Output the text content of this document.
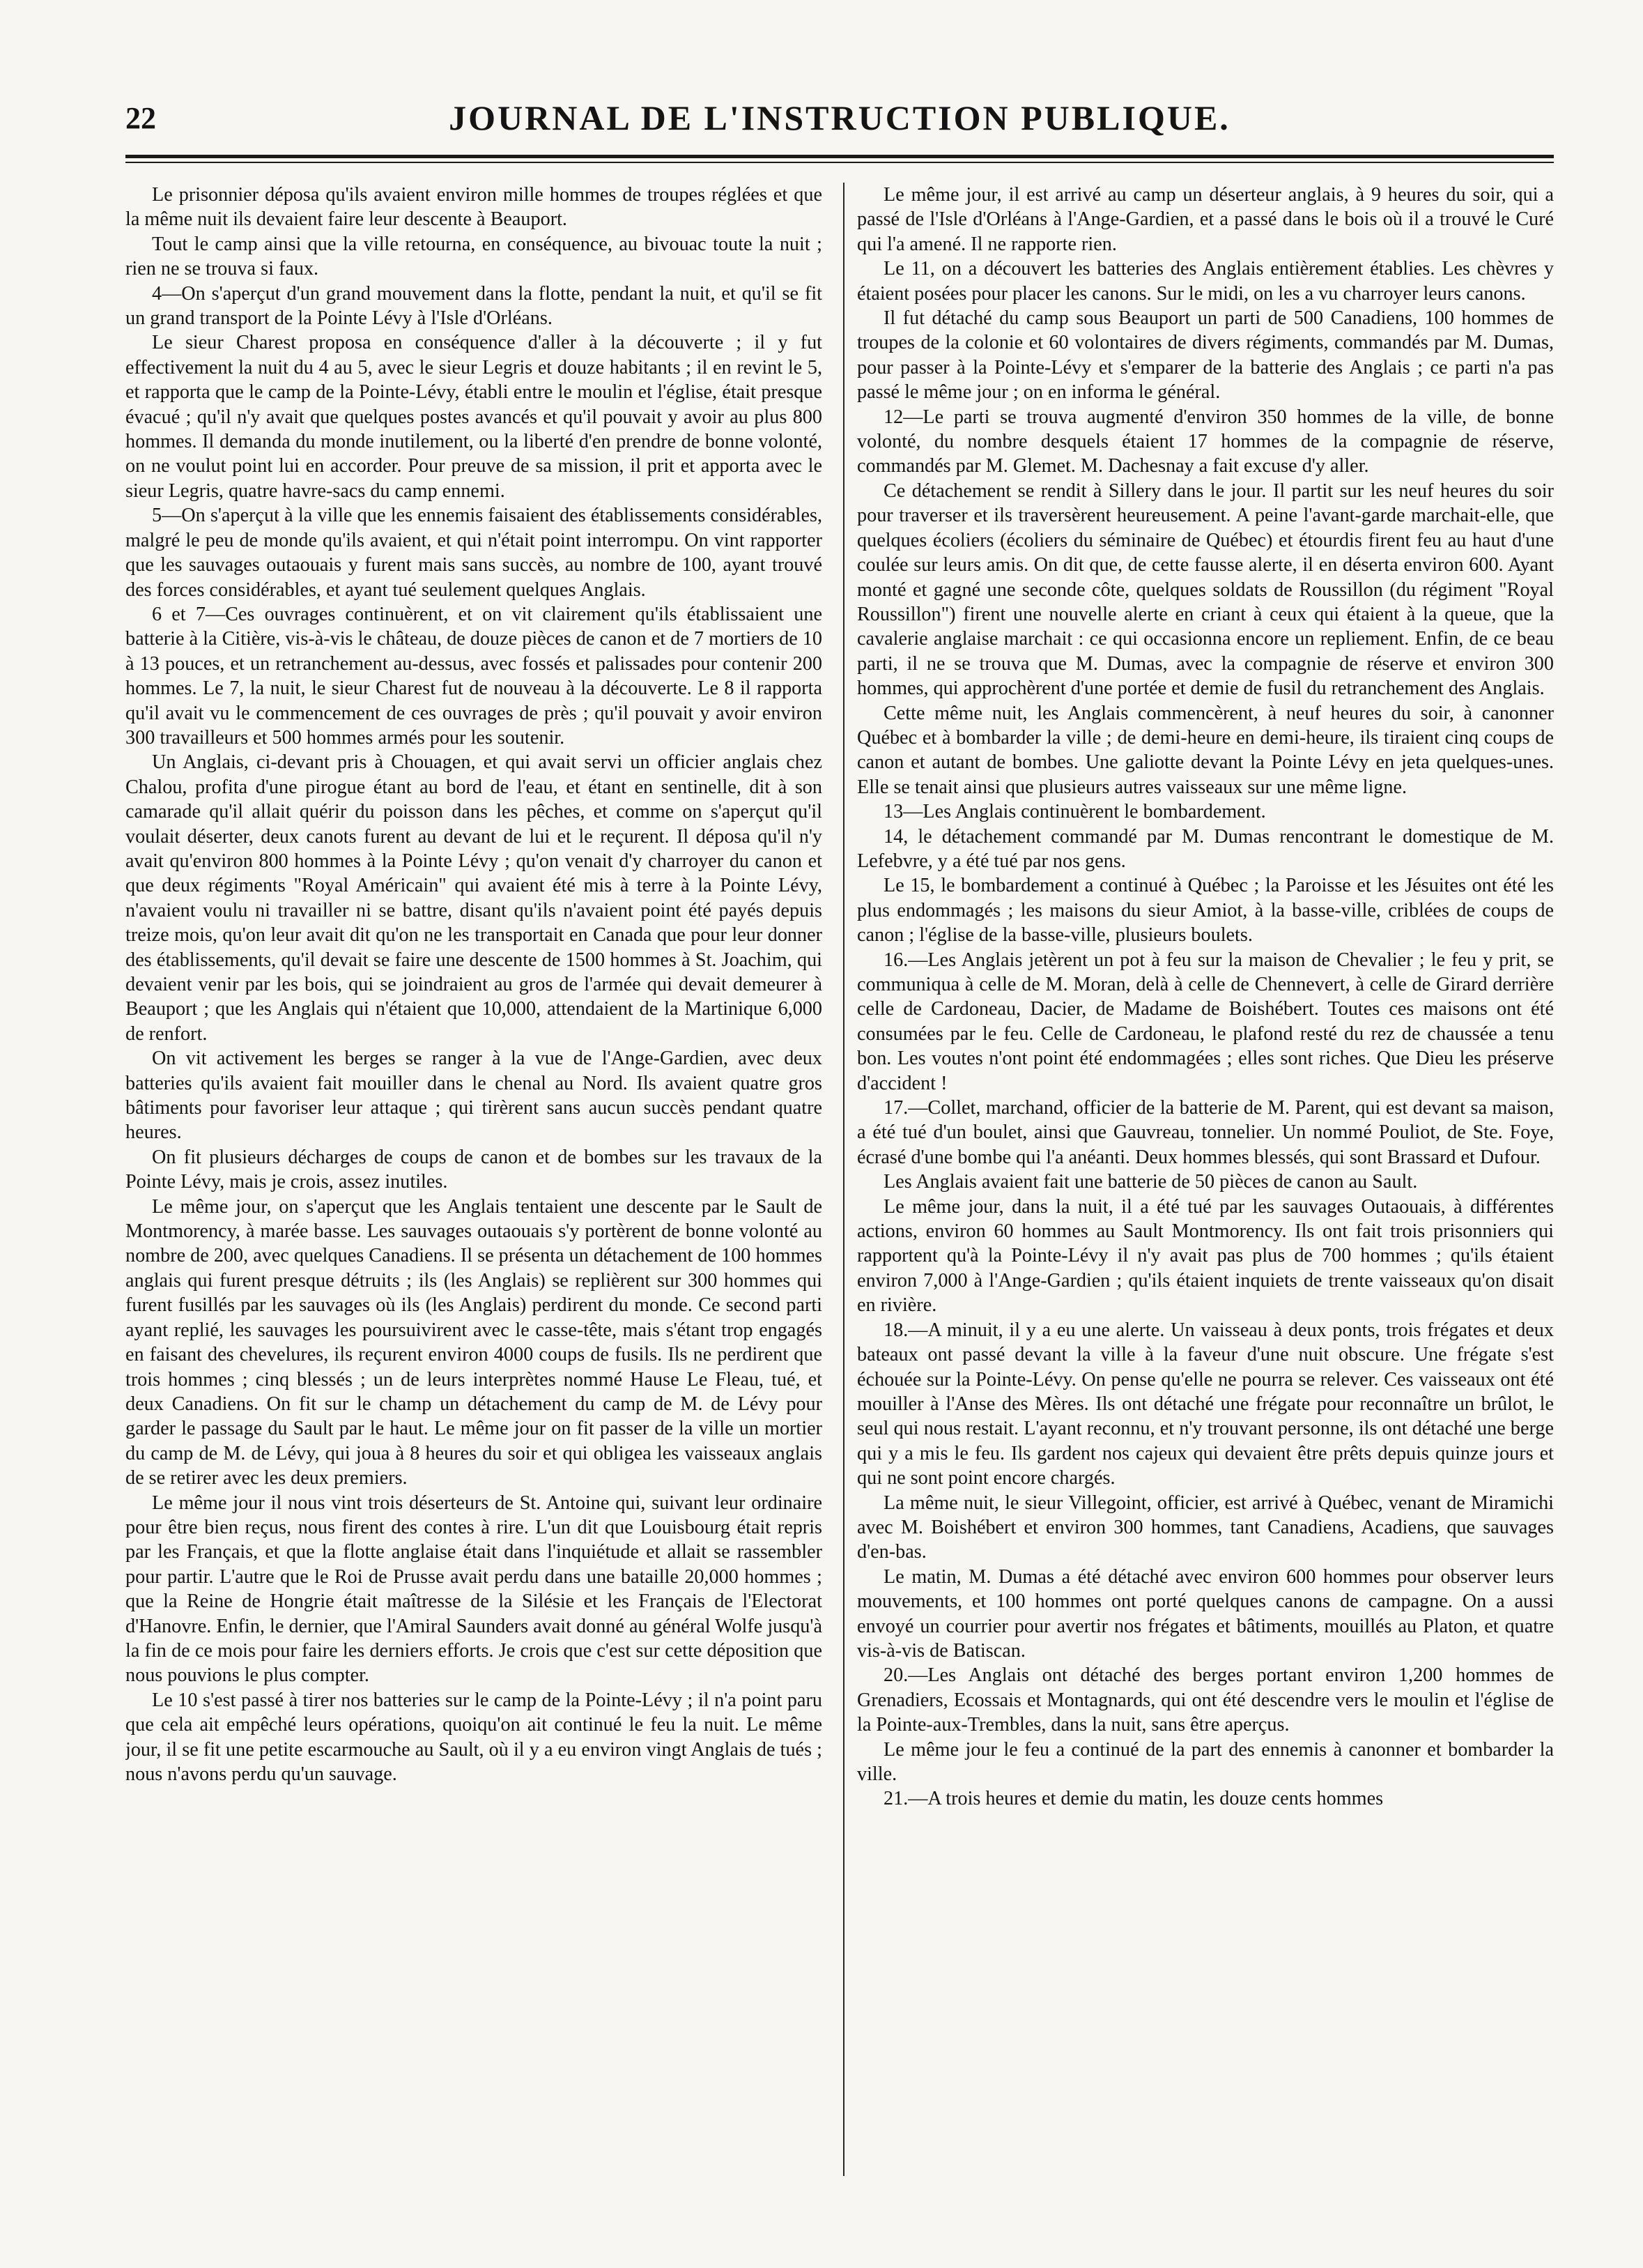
22	JOURNAL DE L'INSTRUCTION PUBLIQUE.

Le prisonnier déposa qu'ils avaient environ mille hommes de troupes réglées et que la même nuit ils devaient faire leur descente à Beauport.

Tout le camp ainsi que la ville retourna, en conséquence, au bivouac toute la nuit ; rien ne se trouva si faux.

4—On s'aperçut d'un grand mouvement dans la flotte, pendant la nuit, et qu'il se fit un grand transport de la Pointe Lévy à l'Isle d'Orléans.

Le sieur Charest proposa en conséquence d'aller à la découverte ; il y fut effectivement la nuit du 4 au 5, avec le sieur Legris et douze habitants ; il en revint le 5, et rapporta que le camp de la Pointe-Lévy, établi entre le moulin et l'église, était presque évacué ; qu'il n'y avait que quelques postes avancés et qu'il pouvait y avoir au plus 800 hommes. Il demanda du monde inutilement, ou la liberté d'en prendre de bonne volonté, on ne voulut point lui en accorder. Pour preuve de sa mission, il prit et apporta avec le sieur Legris, quatre havre-sacs du camp ennemi.

5—On s'aperçut à la ville que les ennemis faisaient des établissements considérables, malgré le peu de monde qu'ils avaient, et qui n'était point interrompu. On vint rapporter que les sauvages outaouais y furent mais sans succès, au nombre de 100, ayant trouvé des forces considérables, et ayant tué seulement quelques Anglais.

6 et 7—Ces ouvrages continuèrent, et on vit clairement qu'ils établissaient une batterie à la Citière, vis-à-vis le château, de douze pièces de canon et de 7 mortiers de 10 à 13 pouces, et un retranchement au-dessus, avec fossés et palissades pour contenir 200 hommes. Le 7, la nuit, le sieur Charest fut de nouveau à la découverte. Le 8 il rapporta qu'il avait vu le commencement de ces ouvrages de près ; qu'il pouvait y avoir environ 300 travailleurs et 500 hommes armés pour les soutenir.

Un Anglais, ci-devant pris à Chouagen, et qui avait servi un officier anglais chez Chalou, profita d'une pirogue étant au bord de l'eau, et étant en sentinelle, dit à son camarade qu'il allait quérir du poisson dans les pêches, et comme on s'aperçut qu'il voulait déserter, deux canots furent au devant de lui et le reçurent. Il déposa qu'il n'y avait qu'environ 800 hommes à la Pointe Lévy ; qu'on venait d'y charroyer du canon et que deux régiments "Royal Américain" qui avaient été mis à terre à la Pointe Lévy, n'avaient voulu ni travailler ni se battre, disant qu'ils n'avaient point été payés depuis treize mois, qu'on leur avait dit qu'on ne les transportait en Canada que pour leur donner des établissements, qu'il devait se faire une descente de 1500 hommes à St. Joachim, qui devaient venir par les bois, qui se joindraient au gros de l'armée qui devait demeurer à Beauport ; que les Anglais qui n'étaient que 10,000, attendaient de la Martinique 6,000 de renfort.

On vit activement les berges se ranger à la vue de l'Ange-Gardien, avec deux batteries qu'ils avaient fait mouiller dans le chenal au Nord. Ils avaient quatre gros bâtiments pour favoriser leur attaque ; qui tirèrent sans aucun succès pendant quatre heures.

On fit plusieurs décharges de coups de canon et de bombes sur les travaux de la Pointe Lévy, mais je crois, assez inutiles.

Le même jour, on s'aperçut que les Anglais tentaient une descente par le Sault de Montmorency, à marée basse. Les sauvages outaouais s'y portèrent de bonne volonté au nombre de 200, avec quelques Canadiens. Il se présenta un détachement de 100 hommes anglais qui furent presque détruits ; ils (les Anglais) se replièrent sur 300 hommes qui furent fusillés par les sauvages où ils (les Anglais) perdirent du monde. Ce second parti ayant replié, les sauvages les poursuivirent avec le casse-tête, mais s'étant trop engagés en faisant des chevelures, ils reçurent environ 4000 coups de fusils. Ils ne perdirent que trois hommes ; cinq blessés ; un de leurs interprètes nommé Hause Le Fleau, tué, et deux Canadiens. On fit sur le champ un détachement du camp de M. de Lévy pour garder le passage du Sault par le haut. Le même jour on fit passer de la ville un mortier du camp de M. de Lévy, qui joua à 8 heures du soir et qui obligea les vaisseaux anglais de se retirer avec les deux premiers.

Le même jour il nous vint trois déserteurs de St. Antoine qui, suivant leur ordinaire pour être bien reçus, nous firent des contes à rire. L'un dit que Louisbourg était repris par les Français, et que la flotte anglaise était dans l'inquiétude et allait se rassembler pour partir. L'autre que le Roi de Prusse avait perdu dans une bataille 20,000 hommes ; que la Reine de Hongrie était maîtresse de la Silésie et les Français de l'Electorat d'Hanovre. Enfin, le dernier, que l'Amiral Saunders avait donné au général Wolfe jusqu'à la fin de ce mois pour faire les derniers efforts. Je crois que c'est sur cette déposition que nous pouvions le plus compter.

Le 10 s'est passé à tirer nos batteries sur le camp de la Pointe-Lévy ; il n'a point paru que cela ait empêché leurs opérations, quoiqu'on ait continué le feu la nuit. Le même jour, il se fit une petite escarmouche au Sault, où il y a eu environ vingt Anglais de tués ; nous n'avons perdu qu'un sauvage.

Le même jour, il est arrivé au camp un déserteur anglais, à 9 heures du soir, qui a passé de l'Isle d'Orléans à l'Ange-Gardien, et a passé dans le bois où il a trouvé le Curé qui l'a amené. Il ne rapporte rien.

Le 11, on a découvert les batteries des Anglais entièrement établies. Les chèvres y étaient posées pour placer les canons. Sur le midi, on les a vu charroyer leurs canons.

Il fut détaché du camp sous Beauport un parti de 500 Canadiens, 100 hommes de troupes de la colonie et 60 volontaires de divers régiments, commandés par M. Dumas, pour passer à la Pointe-Lévy et s'emparer de la batterie des Anglais ; ce parti n'a pas passé le même jour ; on en informa le général.

12—Le parti se trouva augmenté d'environ 350 hommes de la ville, de bonne volonté, du nombre desquels étaient 17 hommes de la compagnie de réserve, commandés par M. Glemet. M. Dachesnay a fait excuse d'y aller.

Ce détachement se rendit à Sillery dans le jour. Il partit sur les neuf heures du soir pour traverser et ils traversèrent heureusement. A peine l'avant-garde marchait-elle, que quelques écoliers (écoliers du séminaire de Québec) et étourdis firent feu au haut d'une coulée sur leurs amis. On dit que, de cette fausse alerte, il en déserta environ 600. Ayant monté et gagné une seconde côte, quelques soldats de Roussillon (du régiment "Royal Roussillon") firent une nouvelle alerte en criant à ceux qui étaient à la queue, que la cavalerie anglaise marchait : ce qui occasionna encore un repliement. Enfin, de ce beau parti, il ne se trouva que M. Dumas, avec la compagnie de réserve et environ 300 hommes, qui approchèrent d'une portée et demie de fusil du retranchement des Anglais.

Cette même nuit, les Anglais commencèrent, à neuf heures du soir, à canonner Québec et à bombarder la ville ; de demi-heure en demi-heure, ils tiraient cinq coups de canon et autant de bombes. Une galiotte devant la Pointe Lévy en jeta quelques-unes. Elle se tenait ainsi que plusieurs autres vaisseaux sur une même ligne.

13—Les Anglais continuèrent le bombardement.

14, le détachement commandé par M. Dumas rencontrant le domestique de M. Lefebvre, y a été tué par nos gens.

Le 15, le bombardement a continué à Québec ; la Paroisse et les Jésuites ont été les plus endommagés ; les maisons du sieur Amiot, à la basse-ville, criblées de coups de canon ; l'église de la basse-ville, plusieurs boulets.

16.—Les Anglais jetèrent un pot à feu sur la maison de Chevalier ; le feu y prit, se communiqua à celle de M. Moran, delà à celle de Chennevert, à celle de Girard derrière celle de Cardoneau, Dacier, de Madame de Boishébert. Toutes ces maisons ont été consumées par le feu. Celle de Cardoneau, le plafond resté du rez de chaussée a tenu bon. Les voutes n'ont point été endommagées ; elles sont riches. Que Dieu les préserve d'accident !

17.—Collet, marchand, officier de la batterie de M. Parent, qui est devant sa maison, a été tué d'un boulet, ainsi que Gauvreau, tonnelier. Un nommé Pouliot, de Ste. Foye, écrasé d'une bombe qui l'a anéanti. Deux hommes blessés, qui sont Brassard et Dufour.

Les Anglais avaient fait une batterie de 50 pièces de canon au Sault.

Le même jour, dans la nuit, il a été tué par les sauvages Outaouais, à différentes actions, environ 60 hommes au Sault Montmorency. Ils ont fait trois prisonniers qui rapportent qu'à la Pointe-Lévy il n'y avait pas plus de 700 hommes ; qu'ils étaient environ 7,000 à l'Ange-Gardien ; qu'ils étaient inquiets de trente vaisseaux qu'on disait en rivière.

18.—A minuit, il y a eu une alerte. Un vaisseau à deux ponts, trois frégates et deux bateaux ont passé devant la ville à la faveur d'une nuit obscure. Une frégate s'est échouée sur la Pointe-Lévy. On pense qu'elle ne pourra se relever. Ces vaisseaux ont été mouiller à l'Anse des Mères. Ils ont détaché une frégate pour reconnaître un brûlot, le seul qui nous restait. L'ayant reconnu, et n'y trouvant personne, ils ont détaché une berge qui y a mis le feu. Ils gardent nos cajeux qui devaient être prêts depuis quinze jours et qui ne sont point encore chargés.

La même nuit, le sieur Villegoint, officier, est arrivé à Québec, venant de Miramichi avec M. Boishébert et environ 300 hommes, tant Canadiens, Acadiens, que sauvages d'en-bas.

Le matin, M. Dumas a été détaché avec environ 600 hommes pour observer leurs mouvements, et 100 hommes ont porté quelques canons de campagne. On a aussi envoyé un courrier pour avertir nos frégates et bâtiments, mouillés au Platon, et quatre vis-à-vis de Batiscan.

20.—Les Anglais ont détaché des berges portant environ 1,200 hommes de Grenadiers, Ecossais et Montagnards, qui ont été descendre vers le moulin et l'église de la Pointe-aux-Trembles, dans la nuit, sans être aperçus.

Le même jour le feu a continué de la part des ennemis à canonner et bombarder la ville.

21.—A trois heures et demie du matin, les douze cents hommes
